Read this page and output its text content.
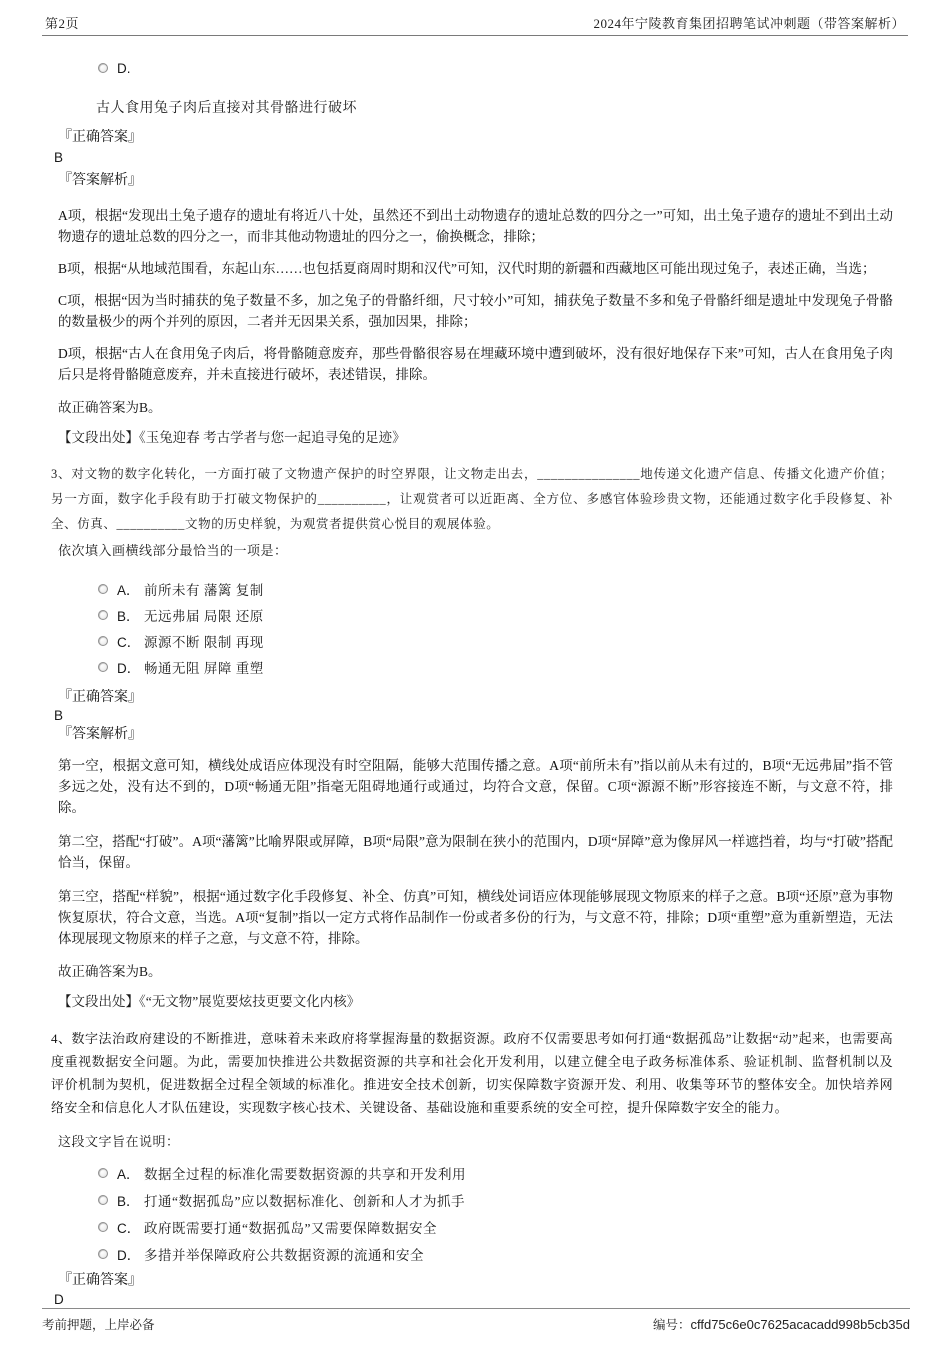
第2页	2024年宁陵教育集团招聘笔试冲刺题（带答案解析）
D.

古人食用兔子肉后直接对其骨骼进行破坏

『正确答案』

B

『答案解析』

A项，根据“发现出土兔子遗存的遗址有将近八十处，虽然还不到出土动物遗存的遗址总数的四分之一”可知，出土兔子遗存的遗址不到出土动物遗存的遗址总数的四分之一，而非其他动物遗址的四分之一，偷换概念，排除；

B项，根据“从地域范围看，东起山东……也包括夏商周时期和汉代”可知，汉代时期的新疆和西藏地区可能出现过兔子，表述正确，当选；

C项，根据“因为当时捕获的兔子数量不多，加之兔子的骨骼纤细，尺寸较小”可知，捕获兔子数量不多和兔子骨骼纤细是遗址中发现兔子骨骼的数量极少的两个并列的原因，二者并无因果关系，强加因果，排除；

D项，根据“古人在食用兔子肉后，将骨骼随意废弃，那些骨骼很容易在埋藏环境中遭到破坏，没有很好地保存下来”可知，古人在食用兔子肉后只是将骨骼随意废弃，并未直接进行破坏，表述错误，排除。

故正确答案为B。

【文段出处】《玉兔迎春 考古学者与您一起追寻兔的足迹》

3、对文物的数字化转化，一方面打破了文物遗产保护的时空界限，让文物走出去，_______________地传递文化遗产信息、传播文化遗产价值；另一方面，数字化手段有助于打破文物保护的__________，让观赏者可以近距离、全方位、多感官体验珍贵文物，还能通过数字化手段修复、补全、仿真、__________文物的历史样貌，为观赏者提供赏心悦目的观展体验。

依次填入画横线部分最恰当的一项是：

A． 前所未有 藩篱 复制
B． 无远弗届 局限 还原
C． 源源不断 限制 再现
D． 畅通无阻 屏障 重塑

『正确答案』

B

『答案解析』

第一空，根据文意可知，横线处成语应体现没有时空阻隔，能够大范围传播之意。A项“前所未有”指以前从未有过的，B项“无远弗届”指不管多远之处，没有达不到的，D项“畅通无阻”指毫无阻碍地通行或通过，均符合文意，保留。C项“源源不断”形容接连不断，与文意不符，排除。

第二空，搭配“打破”。A项“藩篱”比喻界限或屏障，B项“局限”意为限制在狭小的范围内，D项“屏障”意为像屏风一样遮挡着，均与“打破”搭配恰当，保留。

第三空，搭配“样貌”，根据“通过数字化手段修复、补全、仿真”可知，横线处词语应体现能够展现文物原来的样子之意。B项“还原”意为事物恢复原状，符合文意，当选。A项“复制”指以一定方式将作品制作一份或者多份的行为，与文意不符，排除；D项“重塑”意为重新塑造，无法体现展现文物原来的样子之意，与文意不符，排除。

故正确答案为B。

【文段出处】《“无文物”展览要炫技更要文化内核》

4、数字法治政府建设的不断推进，意味着未来政府将掌握海量的数据资源。政府不仅需要思考如何打通“数据孤岛”让数据“动”起来，也需要高度重视数据安全问题。为此，需要加快推进公共数据资源的共享和社会化开发利用，以建立健全电子政务标准体系、验证机制、监督机制以及评价机制为契机，促进数据全过程全领域的标准化。推进安全技术创新，切实保障数字资源开发、利用、收集等环节的整体安全。加快培养网络安全和信息化人才队伍建设，实现数字核心技术、关键设备、基础设施和重要系统的安全可控，提升保障数字安全的能力。

这段文字旨在说明：

A． 数据全过程的标准化需要数据资源的共享和开发利用
B． 打通“数据孤岛”应以数据标准化、创新和人才为抓手
C． 政府既需要打通“数据孤岛”又需要保障数据安全
D． 多措并举保障政府公共数据资源的流通和安全

『正确答案』

D

考前押题，上岸必备	编号：cffd75c6e0c7625acacadd998b5cb35d
